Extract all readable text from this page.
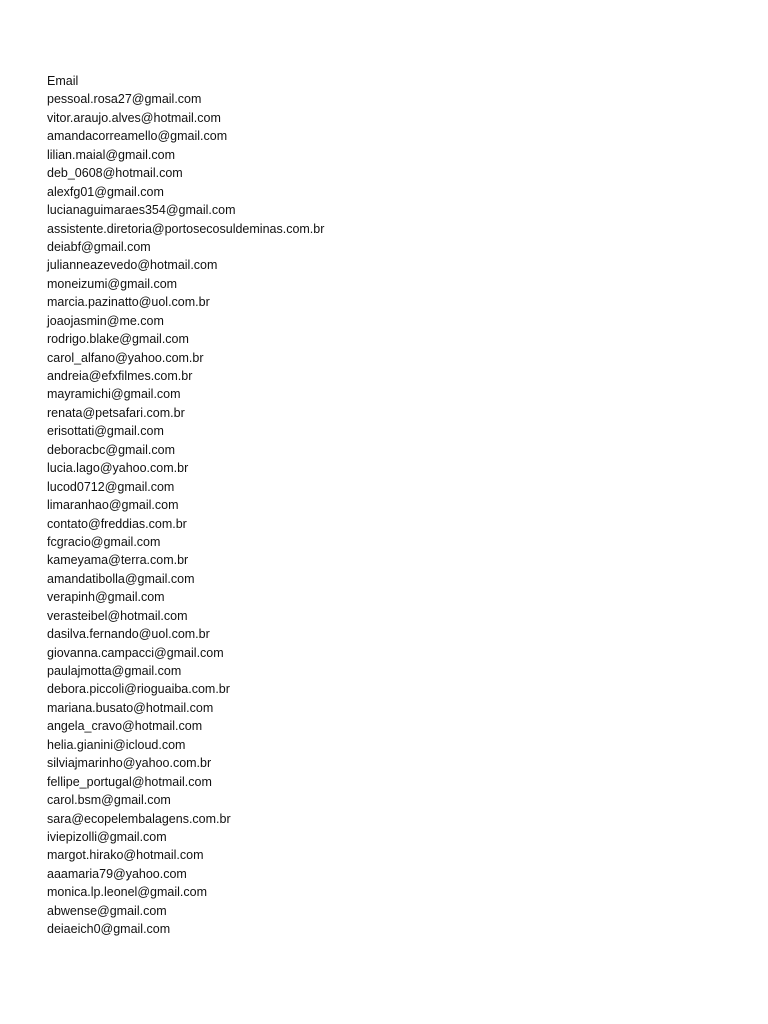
Email
pessoal.rosa27@gmail.com
vitor.araujo.alves@hotmail.com
amandacorreamello@gmail.com
lilian.maial@gmail.com
deb_0608@hotmail.com
alexfg01@gmail.com
lucianaguimaraes354@gmail.com
assistente.diretoria@portosecosuldeminas.com.br
deiabf@gmail.com
julianneazevedo@hotmail.com
moneizumi@gmail.com
marcia.pazinatto@uol.com.br
joaojasmin@me.com
rodrigo.blake@gmail.com
carol_alfano@yahoo.com.br
andreia@efxfilmes.com.br
mayramichi@gmail.com
renata@petsafari.com.br
erisottati@gmail.com
deboracbc@gmail.com
lucia.lago@yahoo.com.br
lucod0712@gmail.com
limaranhao@gmail.com
contato@freddias.com.br
fcgracio@gmail.com
kameyama@terra.com.br
amandatibolla@gmail.com
verapinh@gmail.com
verasteibel@hotmail.com
dasilva.fernando@uol.com.br
giovanna.campacci@gmail.com
paulajmotta@gmail.com
debora.piccoli@rioguaiba.com.br
mariana.busato@hotmail.com
angela_cravo@hotmail.com
helia.gianini@icloud.com
silviajmarinho@yahoo.com.br
fellipe_portugal@hotmail.com
carol.bsm@gmail.com
sara@ecopelembalagens.com.br
iviepizolli@gmail.com
margot.hirako@hotmail.com
aaamaria79@yahoo.com
monica.lp.leonel@gmail.com
abwense@gmail.com
deiaeich0@gmail.com
